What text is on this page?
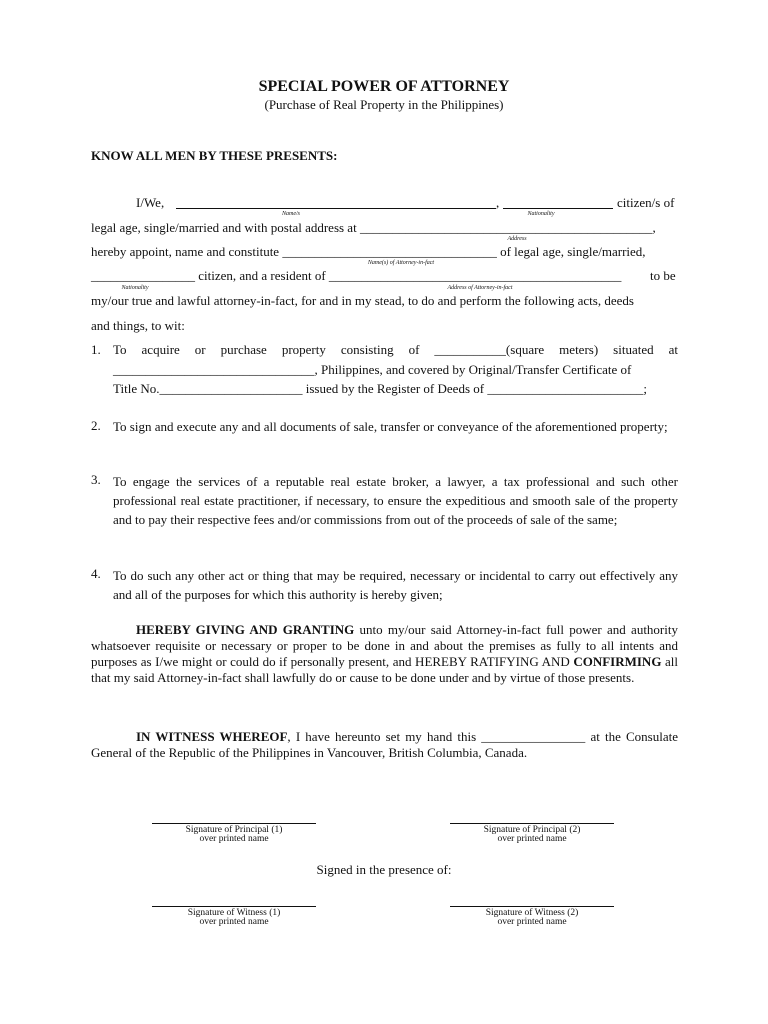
SPECIAL POWER OF ATTORNEY
(Purchase of Real Property in the Philippines)
KNOW ALL MEN BY THESE PRESENTS:
I/We,	,	citizen/s of
Name/s	Nationality
legal age, single/married and with postal address at _____________________________________________,
Address
hereby appoint, name and constitute _________________________________ of legal age, single/married,
Name(s) of Attorney-in-fact
________________ citizen, and a resident of _____________________________________________ to be
Nationality	Address of Attorney-in-fact
my/our true and lawful attorney-in-fact, for and in my stead, to do and perform the following acts, deeds
and things, to wit:
1. To acquire or purchase property consisting of ___________(square meters) situated at
_______________________________, Philippines, and covered by Original/Transfer Certificate of
Title No.______________________ issued by the Register of Deeds of ________________________;
2. To sign and execute any and all documents of sale, transfer or conveyance of the aforementioned property;
3. To engage the services of a reputable real estate broker, a lawyer, a tax professional and such other professional real estate practitioner, if necessary, to ensure the expeditious and smooth sale of the property and to pay their respective fees and/or commissions from out of the proceeds of sale of the same;
4. To do such any other act or thing that may be required, necessary or incidental to carry out effectively any and all of the purposes for which this authority is hereby given;
HEREBY GIVING AND GRANTING unto my/our said Attorney-in-fact full power and authority whatsoever requisite or necessary or proper to be done in and about the premises as fully to all intents and purposes as I/we might or could do if personally present, and HEREBY RATIFYING AND CONFIRMING all that my said Attorney-in-fact shall lawfully do or cause to be done under and by virtue of those presents.
IN WITNESS WHEREOF, I have hereunto set my hand this ________________ at the Consulate General of the Republic of the Philippines in Vancouver, British Columbia, Canada.
Signature of Principal (1)
over printed name
Signature of Principal (2)
over printed name
Signed in the presence of:
Signature of Witness (1)
over printed name
Signature of Witness (2)
over printed name
